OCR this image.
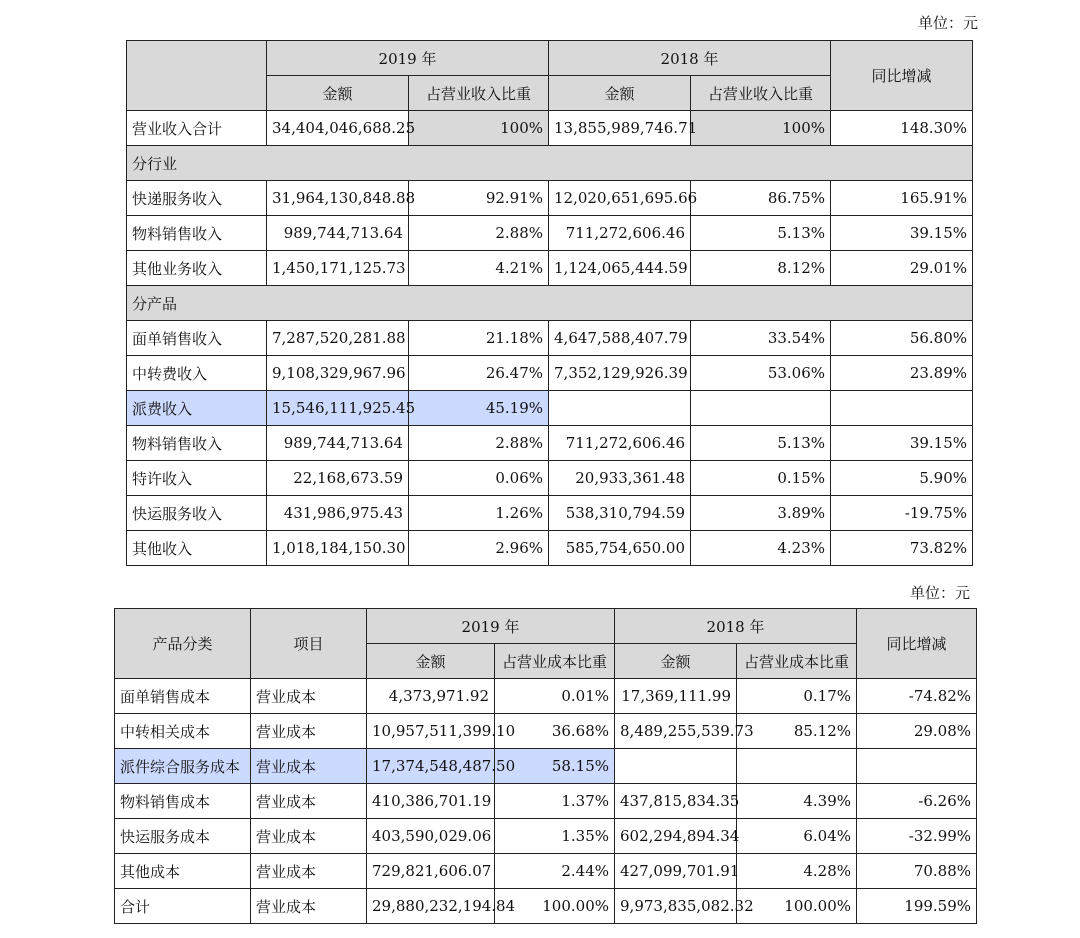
单位：元
	2019 年		2018 年		同比增减
	金额	占营业收入比重	金额	占营业收入比重	
营业收入合计	34,404,046,688.25	100%	13,855,989,746.71	100%	148.30%
分行业					
快递服务收入	31,964,130,848.88	92.91%	12,020,651,695.66	86.75%	165.91%
物料销售收入	989,744,713.64	2.88%	711,272,606.46	5.13%	39.15%
其他业务收入	1,450,171,125.73	4.21%	1,124,065,444.59	8.12%	29.01%
分产品					
面单销售收入	7,287,520,281.88	21.18%	4,647,588,407.79	33.54%	56.80%
中转费收入	9,108,329,967.96	26.47%	7,352,129,926.39	53.06%	23.89%
派费收入	15,546,111,925.45	45.19%			
物料销售收入	989,744,713.64	2.88%	711,272,606.46	5.13%	39.15%
特许收入	22,168,673.59	0.06%	20,933,361.48	0.15%	5.90%
快运服务收入	431,986,975.43	1.26%	538,310,794.59	3.89%	-19.75%
其他收入	1,018,184,150.30	2.96%	585,754,650.00	4.23%	73.82%
单位：元
产品分类	项目	2019 年		2018 年		同比增减
		金额	占营业成本比重	金额	占营业成本比重	
面单销售成本	营业成本	4,373,971.92	0.01%	17,369,111.99	0.17%	-74.82%
中转相关成本	营业成本	10,957,511,399.10	36.68%	8,489,255,539.73	85.12%	29.08%
派件综合服务成本	营业成本	17,374,548,487.50	58.15%			
物料销售成本	营业成本	410,386,701.19	1.37%	437,815,834.35	4.39%	-6.26%
快运服务成本	营业成本	403,590,029.06	1.35%	602,294,894.34	6.04%	-32.99%
其他成本	营业成本	729,821,606.07	2.44%	427,099,701.91	4.28%	70.88%
合计	营业成本	29,880,232,194.84	100.00%	9,973,835,082.32	100.00%	199.59%
